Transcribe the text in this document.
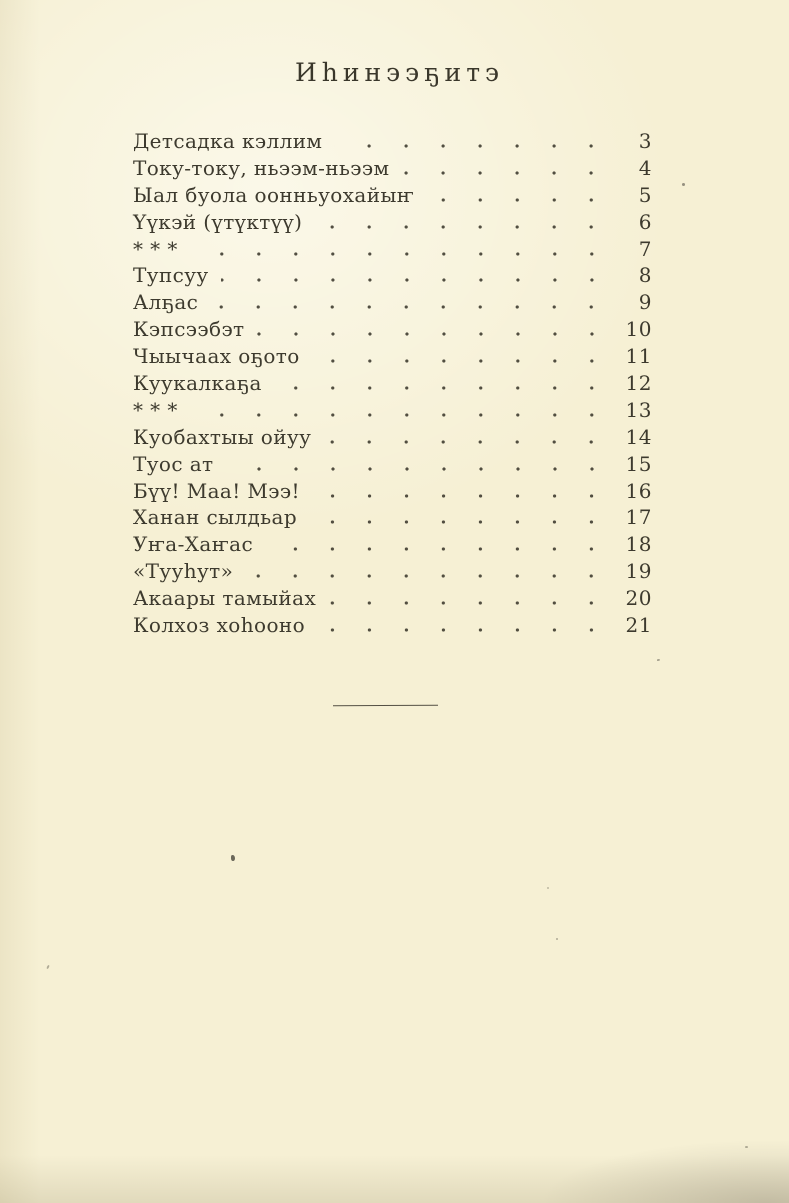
Иһинээҕитэ
Детсадка кэллим	3
Току-току, ньээм-ньээм	4
Ыал буола оонньуохайыҥ	5
Үүкэй (үтүктүү)	6
* * *	7
Тупсуу	8
Алҕас	9
Кэпсээбэт	10
Чыычаах оҕото	11
Куукалкаҕа	12
* * *	13
Куобахтыы ойуу	14
Туос ат	15
Бүү! Маа! Мээ!	16
Ханан сылдьар	17
Уҥа-Хаҥас	18
«Тууһут»	19
Акаары тамыйах	20
Колхоз хоһооно	21
